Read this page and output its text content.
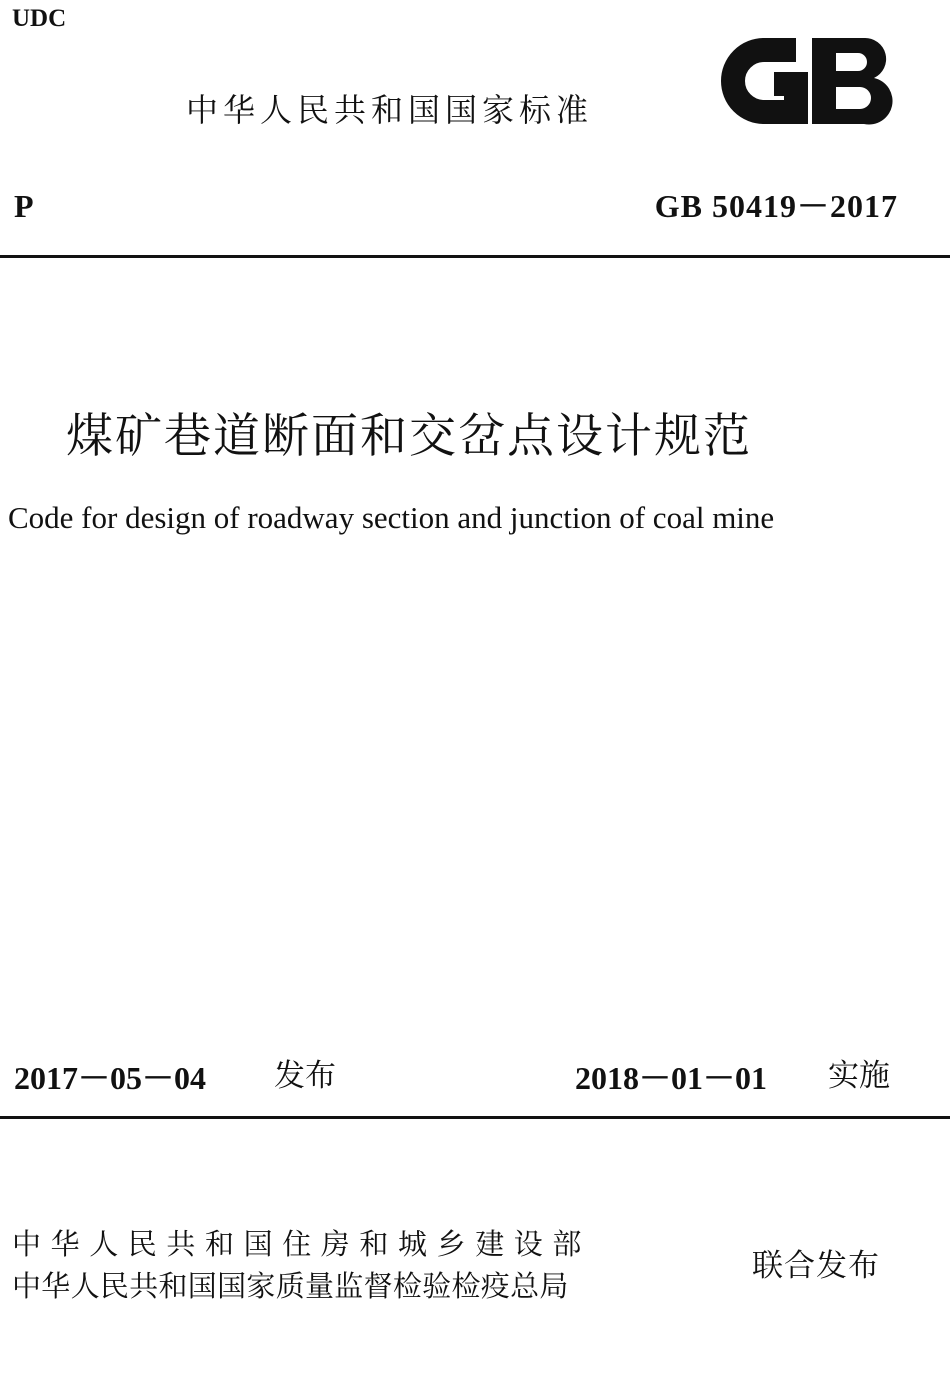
UDC
中华人民共和国国家标准
P	GB 50419－2017
煤矿巷道断面和交岔点设计规范
Code for design of roadway section and junction of coal mine
2017－05－04 发布	2018－01－01 实施
中华人民共和国住房和城乡建设部
中华人民共和国国家质量监督检验检疫总局
联合发布
